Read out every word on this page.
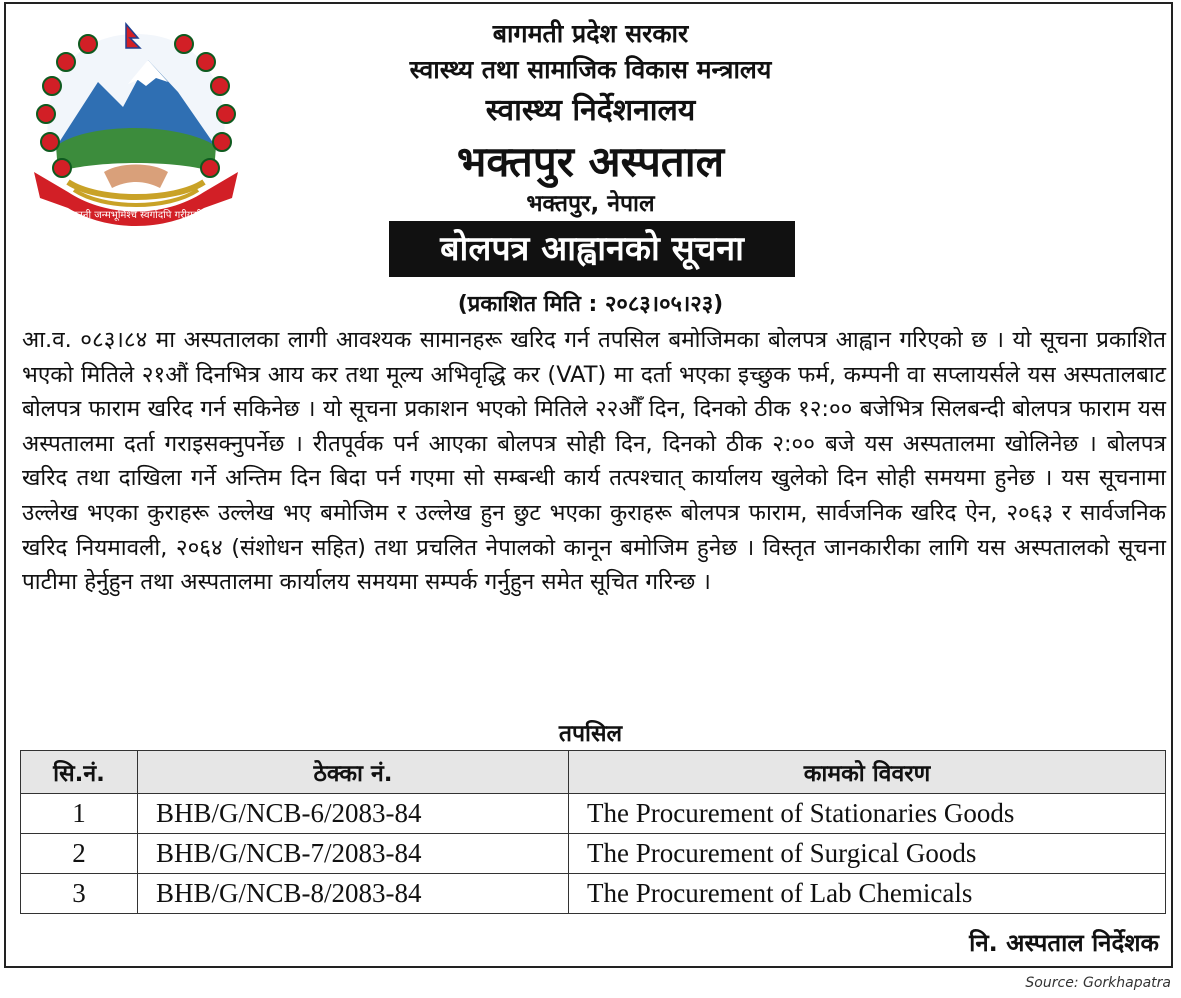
जननी जन्मभूमिश्च स्वर्गादपि गरीयसी
बागमती प्रदेश सरकार
स्वास्थ्य तथा सामाजिक विकास मन्त्रालय
स्वास्थ्य निर्देशनालय
भक्तपुर अस्पताल
भक्तपुर, नेपाल
बोलपत्र आह्वानको सूचना
(प्रकाशित मिति : २०८३।०५।२३)
आ.व. ०८३।८४ मा अस्पतालका लागी आवश्यक सामानहरू खरिद गर्न तपसिल बमोजिमका बोलपत्र आह्वान गरिएको छ । यो सूचना प्रकाशित भएको मितिले २१औं दिनभित्र आय कर तथा मूल्य अभिवृद्धि कर (VAT) मा दर्ता भएका इच्छुक फर्म, कम्पनी वा सप्लायर्सले यस अस्पतालबाट बोलपत्र फाराम खरिद गर्न सकिनेछ । यो सूचना प्रकाशन भएको मितिले २२औँ दिन, दिनको ठीक १२:०० बजेभित्र सिलबन्दी बोलपत्र फाराम यस अस्पतालमा दर्ता गराइसक्नुपर्नेछ । रीतपूर्वक पर्न आएका बोलपत्र सोही दिन, दिनको ठीक २:०० बजे यस अस्पतालमा खोलिनेछ । बोलपत्र खरिद तथा दाखिला गर्ने अन्तिम दिन बिदा पर्न गएमा सो सम्बन्धी कार्य तत्पश्चात् कार्यालय खुलेको दिन सोही समयमा हुनेछ । यस सूचनामा उल्लेख भएका कुराहरू उल्लेख भए बमोजिम र उल्लेख हुन छुट भएका कुराहरू बोलपत्र फाराम, सार्वजनिक खरिद ऐन, २०६३ र सार्वजनिक खरिद नियमावली, २०६४ (संशोधन सहित) तथा प्रचलित नेपालको कानून बमोजिम हुनेछ । विस्तृत जानकारीका लागि यस अस्पतालको सूचना पाटीमा हेर्नुहुन तथा अस्पतालमा कार्यालय समयमा सम्पर्क गर्नुहुन समेत सूचित गरिन्छ ।
तपसिल
सि.नं.	ठेक्का नं.	कामको विवरण
1	BHB/G/NCB-6/2083-84	The Procurement of Stationaries Goods
2	BHB/G/NCB-7/2083-84	The Procurement of Surgical Goods
3	BHB/G/NCB-8/2083-84	The Procurement of Lab Chemicals
नि. अस्पताल निर्देशक
Source: Gorkhapatra
